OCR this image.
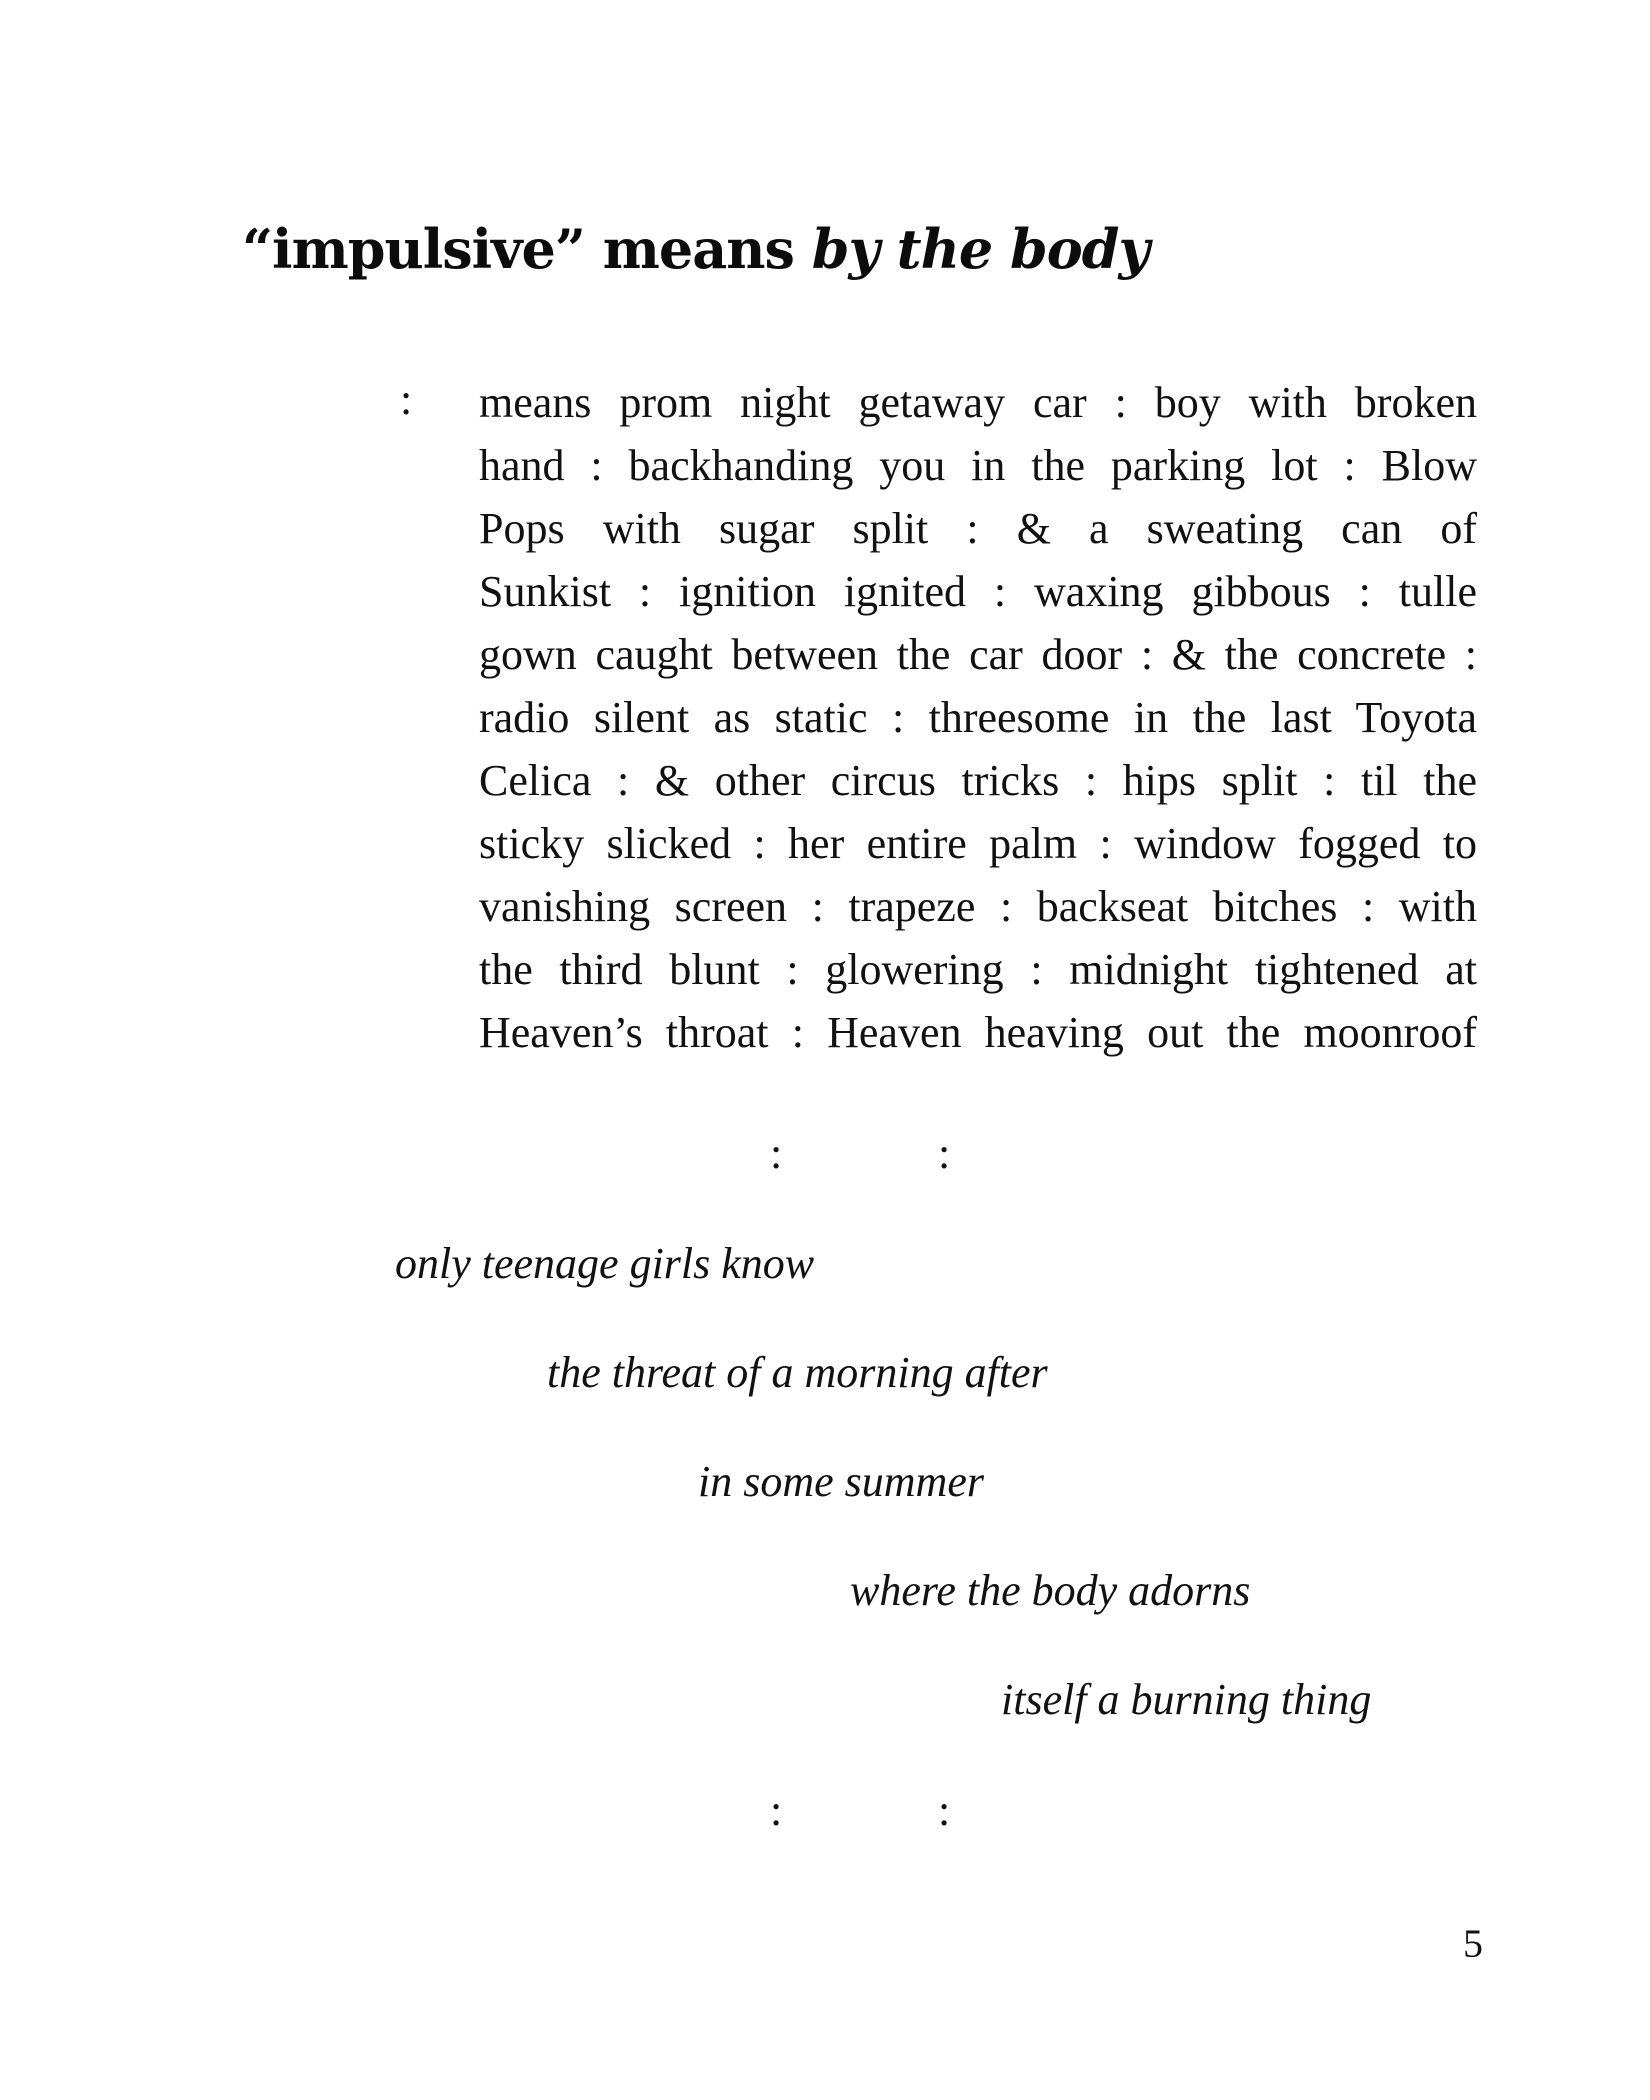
“impulsive” means by the body
: means prom night getaway car : boy with broken
hand : backhanding you in the parking lot : Blow
Pops with sugar split : & a sweating can of
Sunkist : ignition ignited : waxing gibbous : tulle
gown caught between the car door : & the concrete :
radio silent as static : threesome in the last Toyota
Celica : & other circus tricks : hips split : til the
sticky slicked : her entire palm : window fogged to
vanishing screen : trapeze : backseat bitches : with
the third blunt : glowering : midnight tightened at
Heaven’s throat : Heaven heaving out the moonroof
:	:

only teenage girls know

the threat of a morning after

in some summer

where the body adorns

itself a burning thing

:	:
5
